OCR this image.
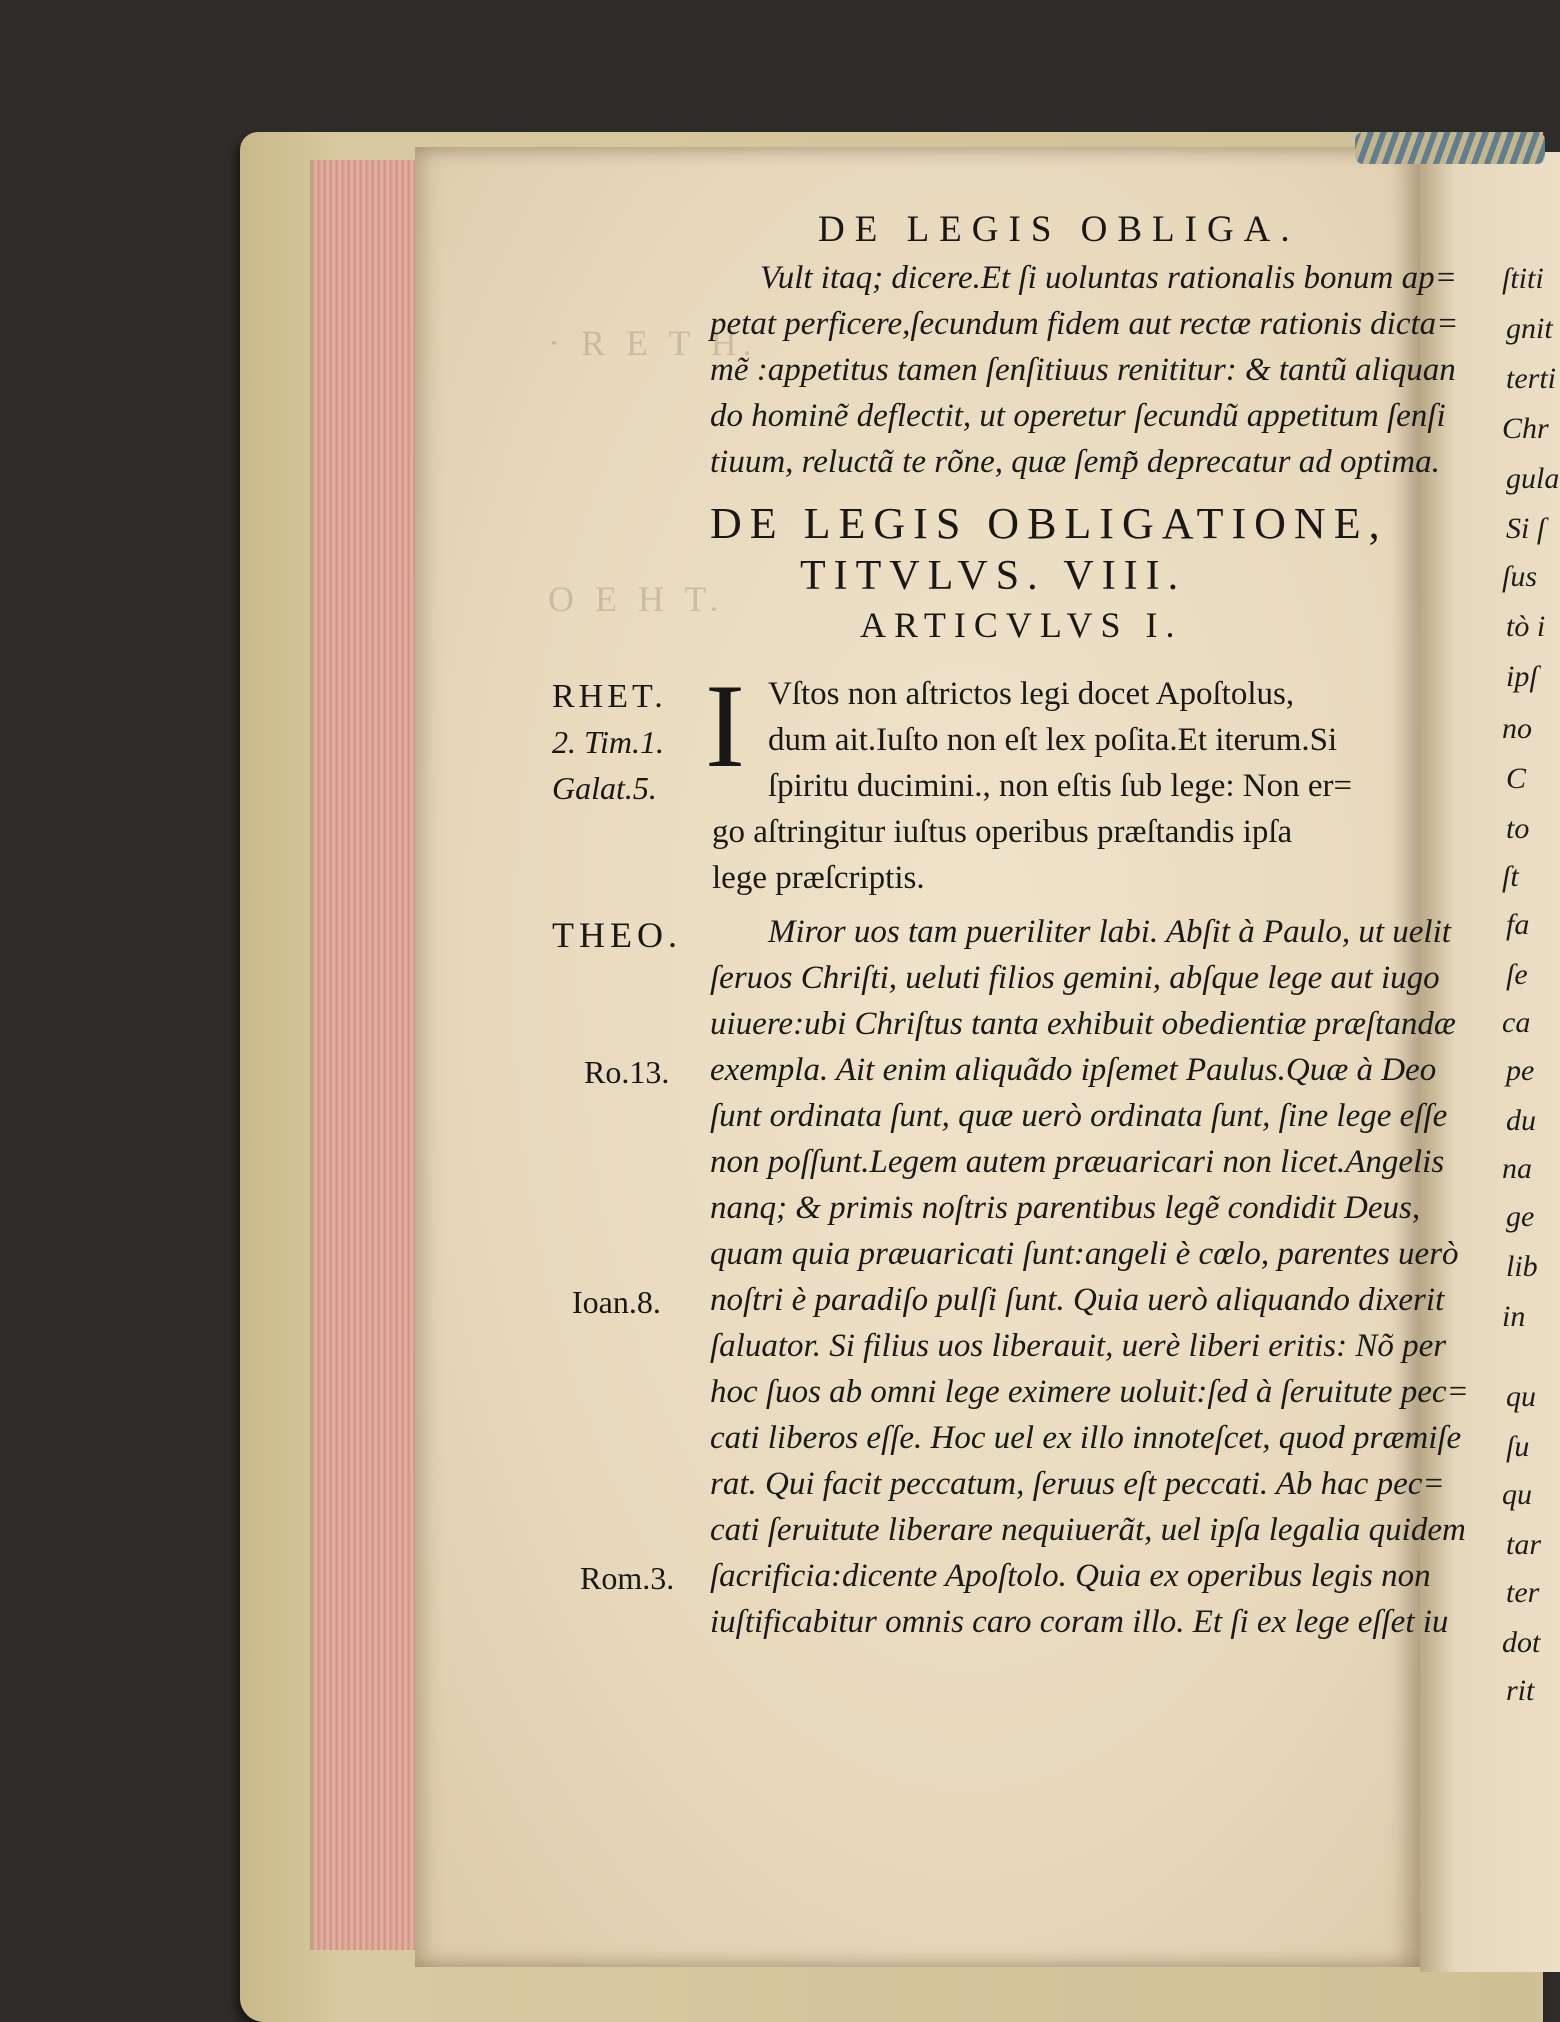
· R E T H.
O E H T.
DE LEGIS OBLIGA.
Vult itaq; dicere.Et ſi uoluntas rationalis bonum ap=
petat perficere,ſecundum fidem aut rectæ rationis dicta=
mẽ :appetitus tamen ſenſitiuus renititur: & tantũ aliquan
do hominẽ deflectit, ut operetur ſecundũ appetitum ſenſi
tiuum, reluctã te rõne, quæ ſemp̃ deprecatur ad optima.
DE LEGIS OBLIGATIONE,
TITVLVS. VIII.
ARTICVLVS I.
I Vſtos non aſtrictos legi docet Apoſtolus,
dum ait.Iuſto non eſt lex poſita.Et iterum.Si
ſpiritu ducimini., non eſtis ſub lege: Non er=
go aſtringitur iuſtus operibus præſtandis ipſa
lege præſcriptis.
Miror uos tam pueriliter labi. Abſit à Paulo, ut uelit
ſeruos Chriſti, ueluti filios gemini, abſque lege aut iugo
uiuere:ubi Chriſtus tanta exhibuit obedientiæ præſtandæ
exempla. Ait enim aliquãdo ipſemet Paulus.Quæ à Deo
ſunt ordinata ſunt, quæ uerò ordinata ſunt, ſine lege eſſe
non poſſunt.Legem autem præuaricari non licet.Angelis
nanq; & primis noſtris parentibus legẽ condidit Deus,
quam quia præuaricati ſunt:angeli è cœlo, parentes uerò
noſtri è paradiſo pulſi ſunt. Quia uerò aliquando dixerit
ſaluator. Si filius uos liberauit, uerè liberi eritis: Nõ per
hoc ſuos ab omni lege eximere uoluit:ſed à ſeruitute pec=
cati liberos eſſe. Hoc uel ex illo innoteſcet, quod præmiſe
rat. Qui facit peccatum, ſeruus eſt peccati. Ab hac pec=
cati ſeruitute liberare nequiuerãt, uel ipſa legalia quidem
ſacrificia:dicente Apoſtolo. Quia ex operibus legis non
iuſtificabitur omnis caro coram illo. Et ſi ex lege eſſet iu
RHET.
2. Tim.1.
Galat.5.
THEO.
Ro.13.
Ioan.8.
Rom.3.
ſtiti
gnit
terti
Chr
gula
Si ſ
ſus
tò i
ipſ
no
C
to
ſt
fa
ſe
ca
pe
du
na
ge
lib
in
qu
ſu
qu
tar
ter
dot
rit
